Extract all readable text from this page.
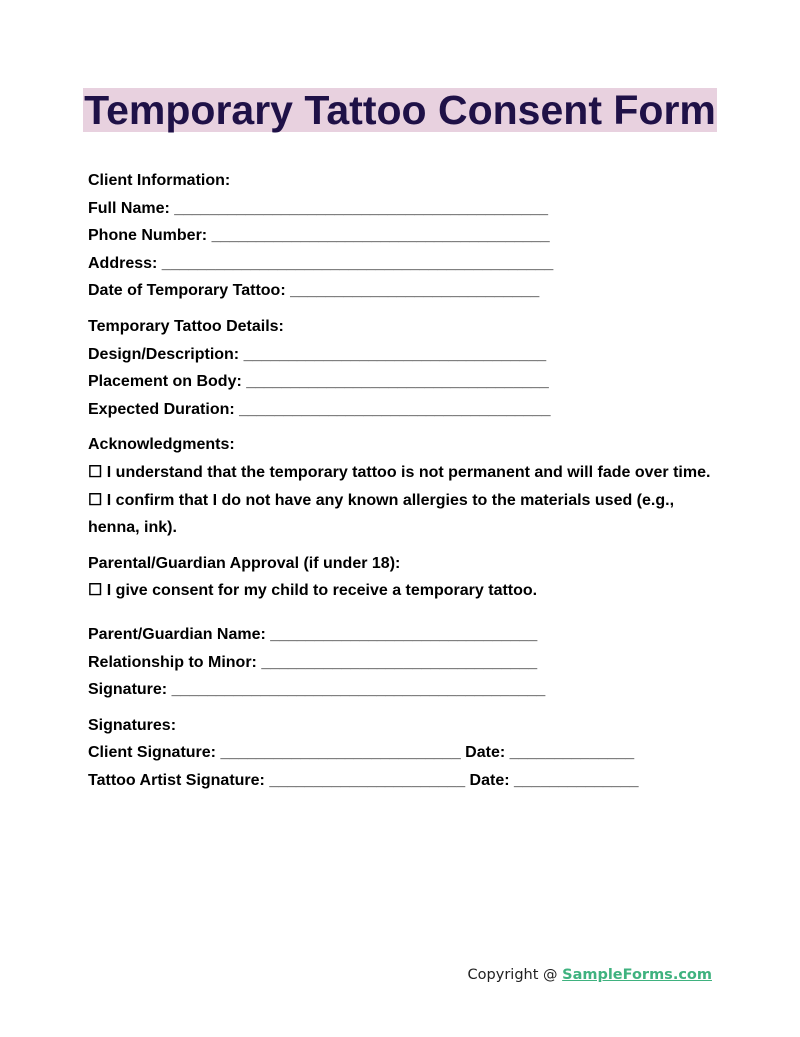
Temporary Tattoo Consent Form
Client Information:
Full Name: __________________________________________
Phone Number: ______________________________________
Address: ____________________________________________
Date of Temporary Tattoo: ____________________________
Temporary Tattoo Details:
Design/Description: __________________________________
Placement on Body: __________________________________
Expected Duration: ___________________________________
Acknowledgments:
☐ I understand that the temporary tattoo is not permanent and will fade over time.
☐ I confirm that I do not have any known allergies to the materials used (e.g., henna, ink).
Parental/Guardian Approval (if under 18):
☐ I give consent for my child to receive a temporary tattoo.
Parent/Guardian Name: ______________________________
Relationship to Minor: _______________________________
Signature: __________________________________________
Signatures:
Client Signature: ___________________________ Date: ______________
Tattoo Artist Signature: ______________________ Date: ______________
Copyright @ SampleForms.com
